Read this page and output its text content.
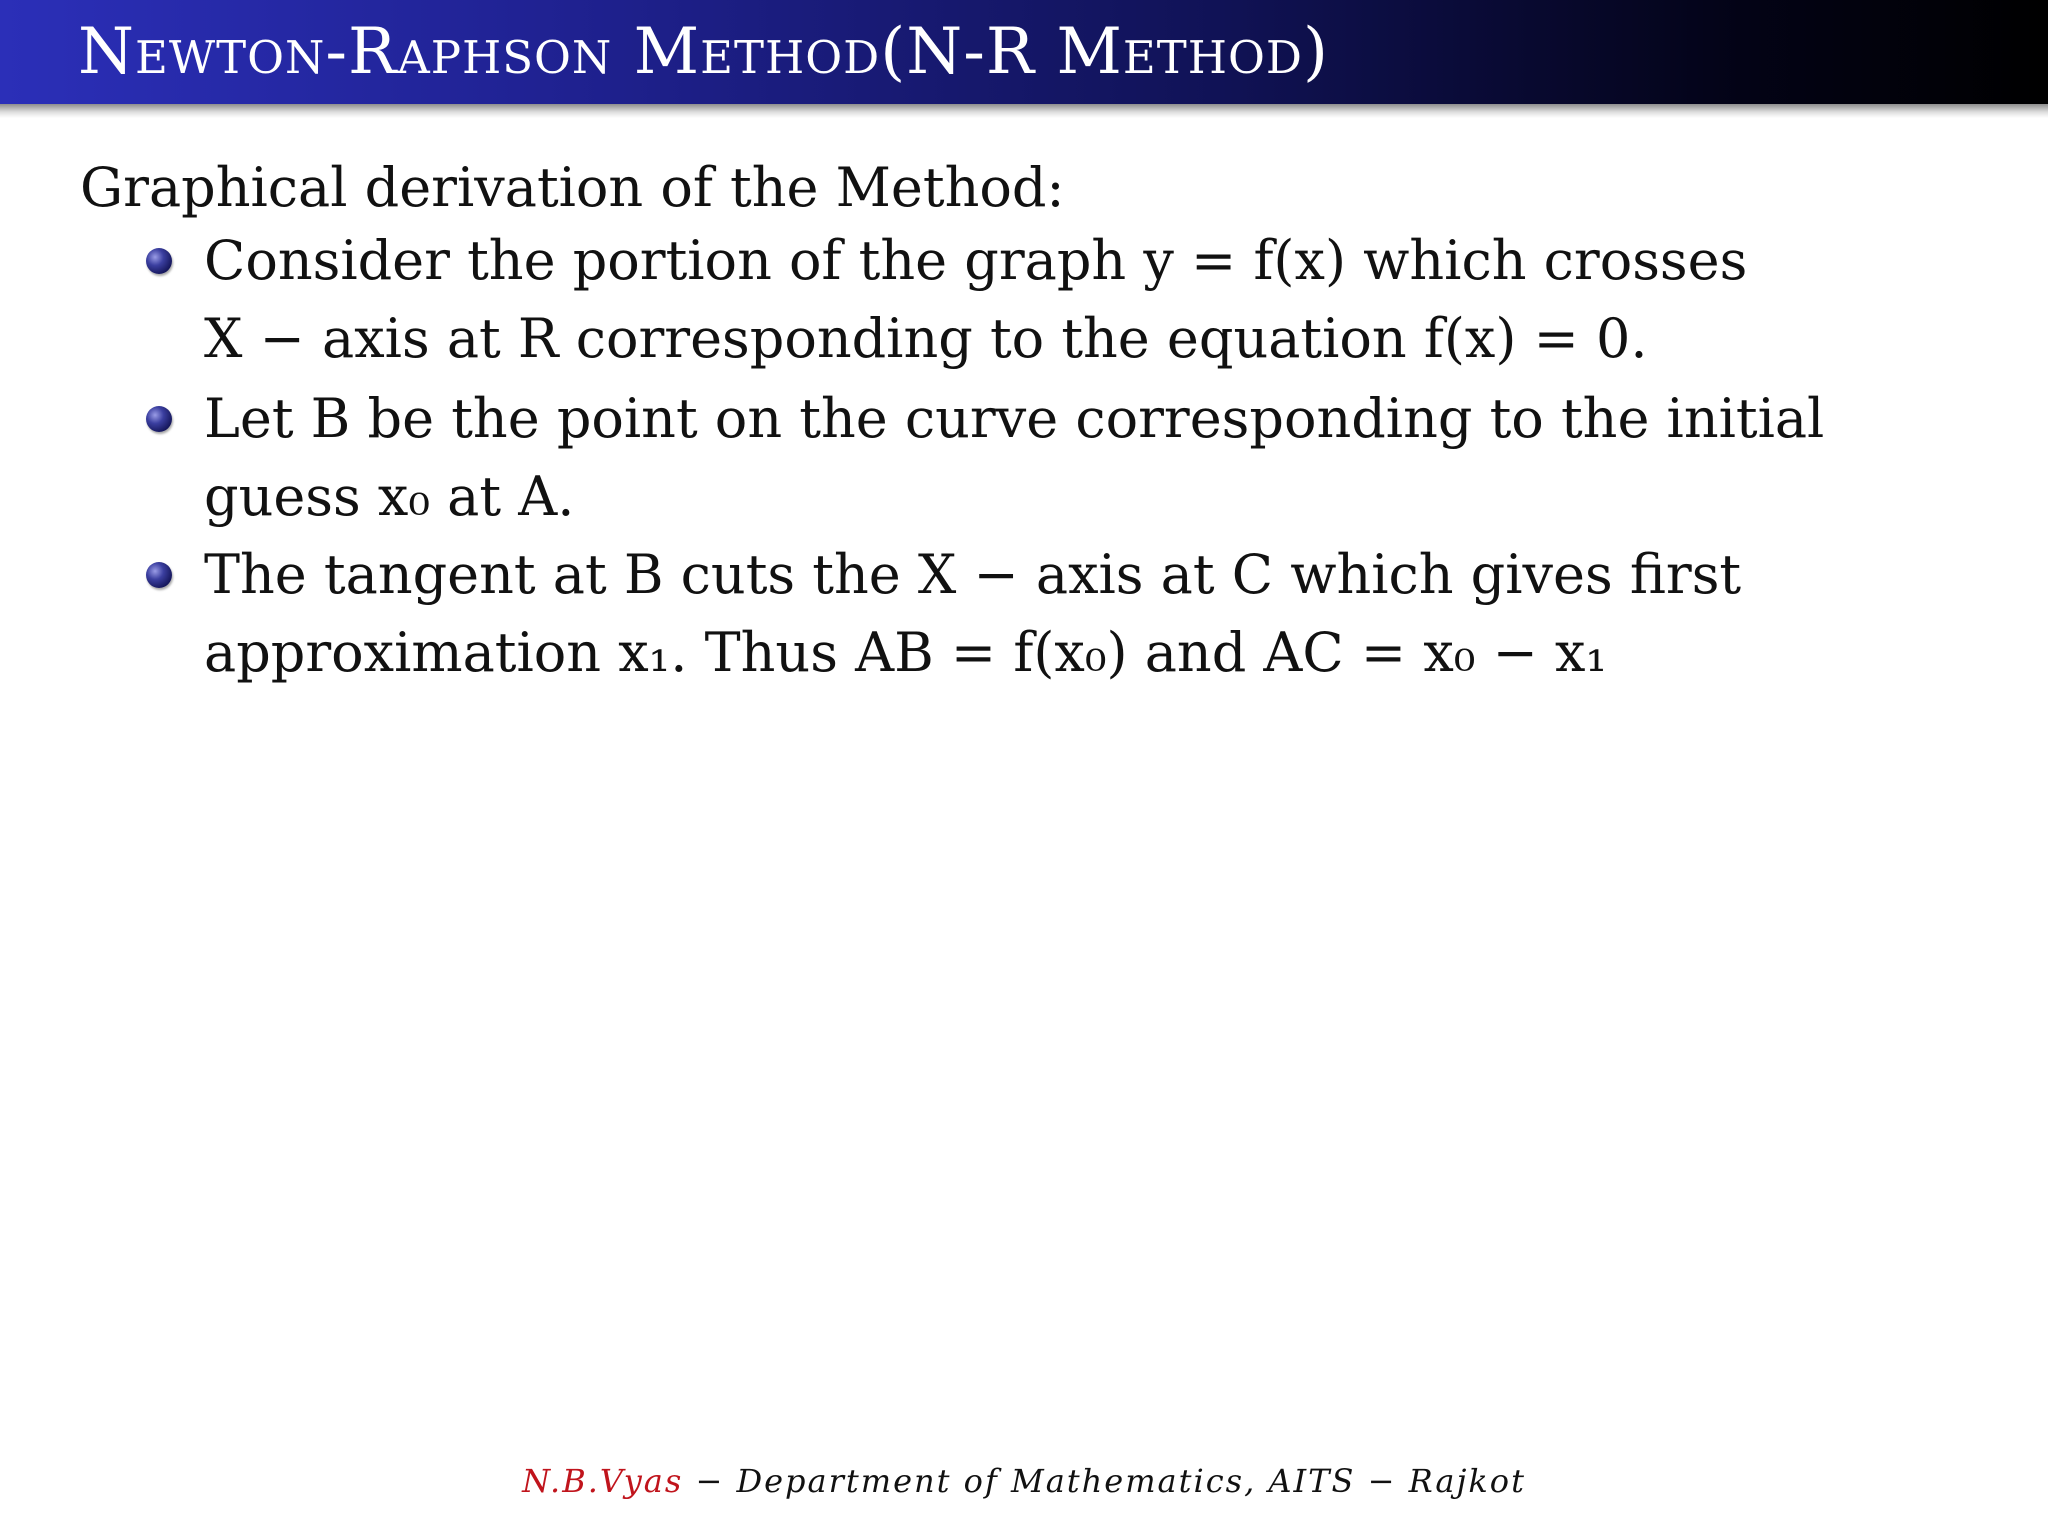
Newton-Raphson Method(N-R Method)
Graphical derivation of the Method:
Consider the portion of the graph y = f(x) which crosses
X − axis at R corresponding to the equation f(x) = 0.
Let B be the point on the curve corresponding to the initial
guess x₀ at A.
The tangent at B cuts the X − axis at C which gives first
approximation x₁. Thus AB = f(x₀) and AC = x₀ − x₁
N.B.Vyas − Department of Mathematics, AITS − Rajkot
